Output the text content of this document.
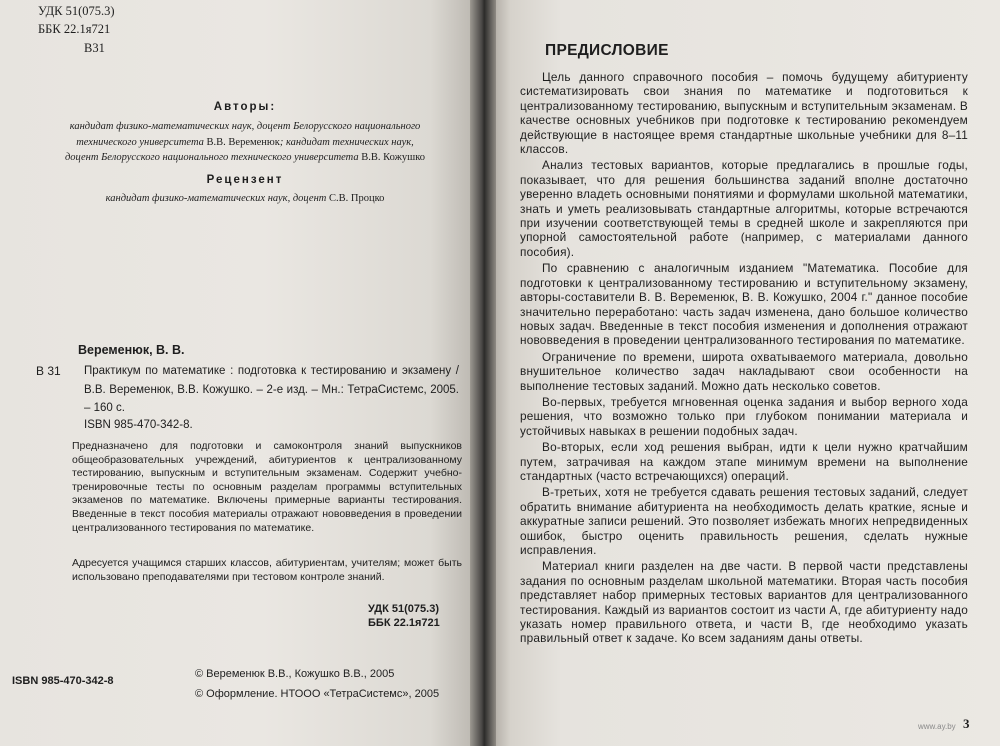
УДК 51(075.3)
ББК 22.1я721
В31
Авторы:
кандидат физико-математических наук, доцент Белорусского национального
технического университета В.В. Веременюк; кандидат технических наук,
доцент Белорусского национального технического университета В.В. Кожушко
Рецензент
кандидат физико-математических наук, доцент С.В. Процко
Веременюк, В. В.
В 31 Практикум по математике : подготовка к тестированию и экзамену / В.В. Веременюк, В.В. Кожушко. – 2-е изд. – Мн.: ТетраСистемс, 2005. – 160 с.
ISBN 985-470-342-8.
Предназначено для подготовки и самоконтроля знаний выпускников общеобразовательных учреждений, абитуриентов к централизованному тестированию, выпускным и вступительным экзаменам. Содержит учебно-тренировочные тесты по основным разделам программы вступительных экзаменов по математике. Включены примерные варианты тестирования. Введенные в текст пособия материалы отражают нововведения в проведении централизованного тестирования по математике.
Адресуется учащимся старших классов, абитуриентам, учителям; может быть использовано преподавателями при тестовом контроле знаний.
УДК 51(075.3)
ББК 22.1я721
ISBN 985-470-342-8
© Веременюк В.В., Кожушко В.В., 2005
© Оформление. НТООО «ТетраСистемс», 2005
ПРЕДИСЛОВИЕ

Цель данного справочного пособия – помочь будущему абитуриенту систематизировать свои знания по математике и подготовиться к централизованному тестированию, выпускным и вступительным экзаменам. В качестве основных учебников при подготовке к тестированию рекомендуем действующие в настоящее время стандартные школьные учебники для 8–11 классов.

Анализ тестовых вариантов, которые предлагались в прошлые годы, показывает, что для решения большинства заданий вполне достаточно уверенно владеть основными понятиями и формулами школьной математики, знать и уметь реализовывать стандартные алгоритмы, которые встречаются при изучении соответствующей темы в средней школе и закрепляются при упорной самостоятельной работе (например, с материалами данного пособия).

По сравнению с аналогичным изданием "Математика. Пособие для подготовки к централизованному тестированию и вступительному экзамену, авторы-составители В. В. Веременюк, В. В. Кожушко, 2004 г." данное пособие значительно переработано: часть задач изменена, дано большое количество новых задач. Введенные в текст пособия изменения и дополнения отражают нововведения в проведении централизованного тестирования по математике.

Ограничение по времени, широта охватываемого материала, довольно внушительное количество задач накладывают свои особенности на выполнение тестовых заданий. Можно дать несколько советов.

Во-первых, требуется мгновенная оценка задания и выбор верного хода решения, что возможно только при глубоком понимании материала и устойчивых навыках в решении подобных задач.

Во-вторых, если ход решения выбран, идти к цели нужно кратчайшим путем, затрачивая на каждом этапе минимум времени на выполнение стандартных (часто встречающихся) операций.

В-третьих, хотя не требуется сдавать решения тестовых заданий, следует обратить внимание абитуриента на необходимость делать краткие, ясные и аккуратные записи решений. Это позволяет избежать многих непредвиденных ошибок, быстро оценить правильность решения, сделать нужные исправления.

Материал книги разделен на две части. В первой части представлены задания по основным разделам школьной математики. Вторая часть пособия представляет набор примерных тестовых вариантов для централизованного тестирования. Каждый из вариантов состоит из части A, где абитуриенту надо указать номер правильного ответа, и части B, где необходимо указать правильный ответ к задаче. Ко всем заданиям даны ответы.

3
www.ay.by
